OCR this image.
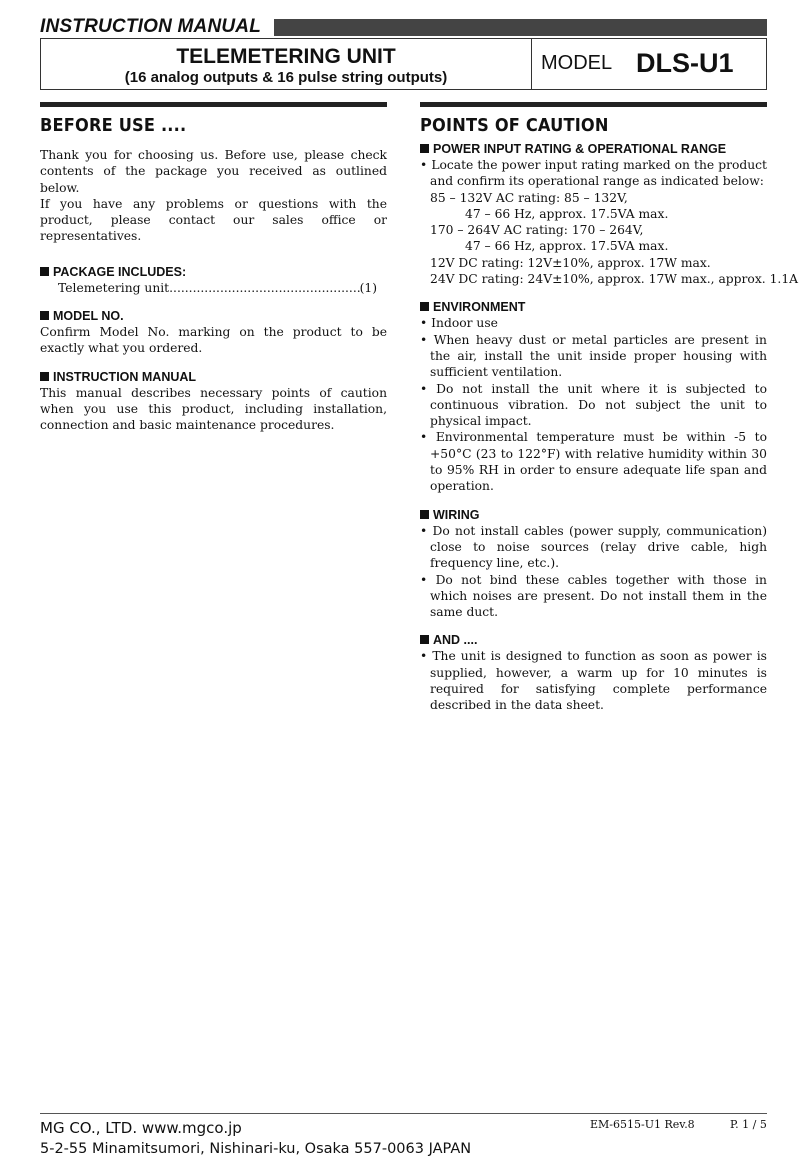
INSTRUCTION MANUAL
TELEMETERING UNIT
(16 analog outputs & 16 pulse string outputs)
MODEL DLS-U1
BEFORE USE ....

Thank you for choosing us. Before use, please check contents of the package you received as outlined below.

If you have any problems or questions with the product, please contact our sales office or representatives.

PACKAGE INCLUDES:

Telemetering unit
.....	(1)

MODEL NO.

Confirm Model No. marking on the product to be exactly what you ordered.

INSTRUCTION MANUAL

This manual describes necessary points of caution when you use this product, including installation, connection and basic maintenance procedures.

POINTS OF CAUTION

POWER INPUT RATING & OPERATIONAL RANGE

• Locate the power input rating marked on the product and confirm its operational range as indicated below:

85 – 132V AC rating: 85 – 132V,

47 – 66 Hz, approx. 17.5VA max.

170 – 264V AC rating: 170 – 264V,

47 – 66 Hz, approx. 17.5VA max.

12V DC rating: 12V±10%, approx. 17W max.

24V DC rating: 24V±10%, approx. 17W max., approx. 1.1A

ENVIRONMENT

• Indoor use

• When heavy dust or metal particles are present in the air, install the unit inside proper housing with sufficient ventilation.

• Do not install the unit where it is subjected to continuous vibration. Do not subject the unit to physical impact.

• Environmental temperature must be within -5 to +50°C (23 to 122°F) with relative humidity within 30 to 95% RH in order to ensure adequate life span and operation.

WIRING

• Do not install cables (power supply, communication) close to noise sources (relay drive cable, high frequency line, etc.).

• Do not bind these cables together with those in which noises are present. Do not install them in the same duct.

AND ....

• The unit is designed to function as soon as power is supplied, however, a warm up for 10 minutes is required for satisfying complete performance described in the data sheet.

MG CO., LTD. www.mgco.jp
5-2-55 Minamitsumori, Nishinari-ku, Osaka 557-0063 JAPAN
EM-6515-U1 Rev.8	P. 1 / 5
